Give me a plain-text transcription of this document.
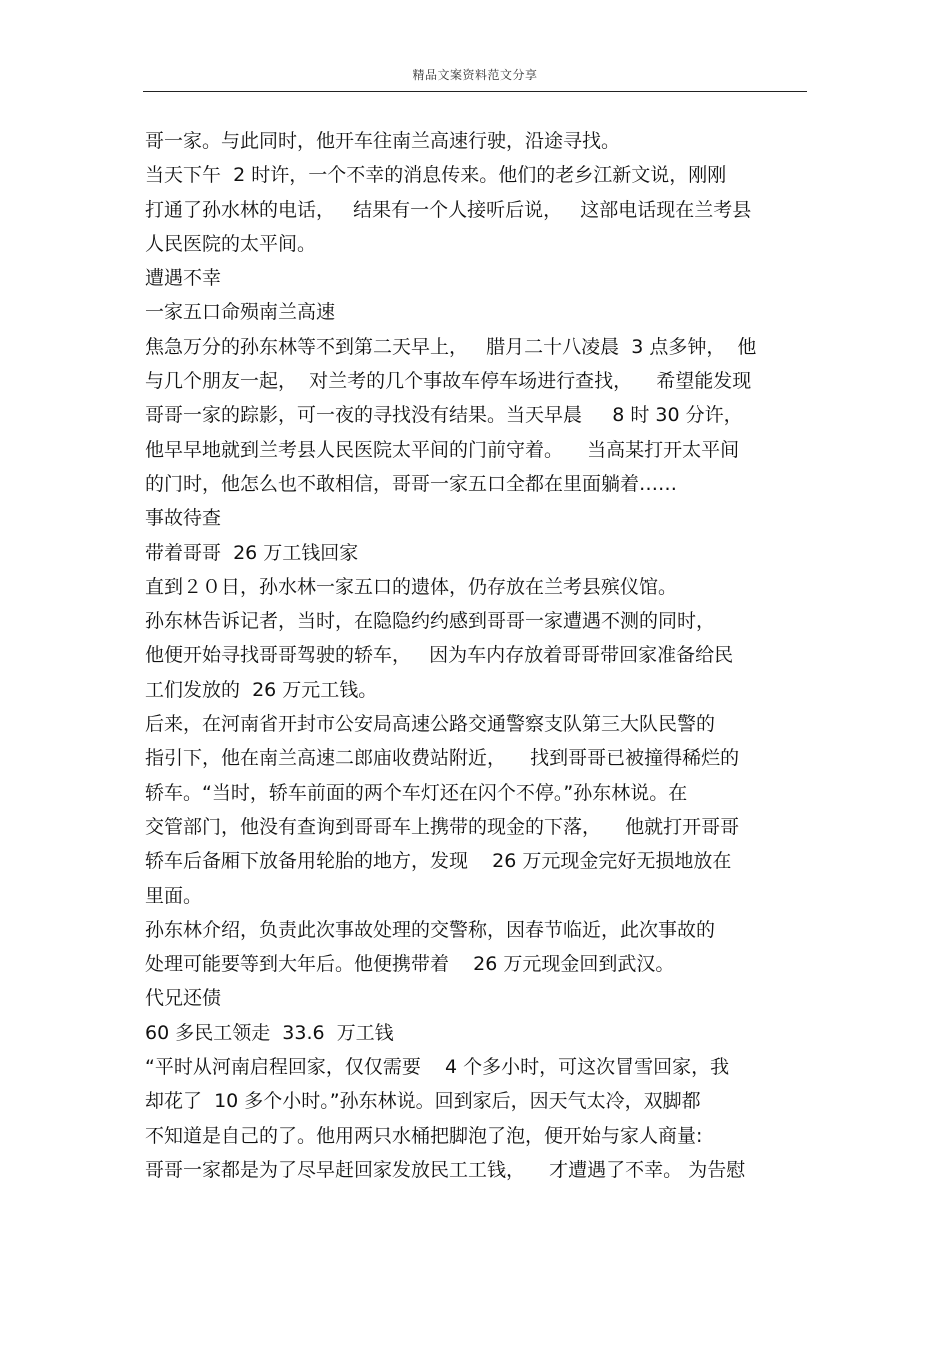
精品文案资料范文分享
哥一家。与此同时，他开车往南兰高速行驶，沿途寻找。
当天下午  2 时许，一个不幸的消息传来。他们的老乡江新文说，刚刚
打通了孙水林的电话，   结果有一个人接听后说，   这部电话现在兰考县
人民医院的太平间。
遭遇不幸
一家五口命殒南兰高速
焦急万分的孙东林等不到第二天早上，   腊月二十八凌晨  3 点多钟，  他
与几个朋友一起，  对兰考的几个事故车停车场进行查找，    希望能发现
哥哥一家的踪影，可一夜的寻找没有结果。当天早晨     8 时 30 分许，
他早早地就到兰考县人民医院太平间的门前守着。    当高某打开太平间
的门时，他怎么也不敢相信，哥哥一家五口全都在里面躺着……
事故待查
带着哥哥  26 万工钱回家
直到２０日，孙水林一家五口的遗体，仍存放在兰考县殡仪馆。
孙东林告诉记者，当时，在隐隐约约感到哥哥一家遭遇不测的同时，
他便开始寻找哥哥驾驶的轿车，   因为车内存放着哥哥带回家准备给民
工们发放的  26 万元工钱。
后来，在河南省开封市公安局高速公路交通警察支队第三大队民警的
指引下，他在南兰高速二郎庙收费站附近，    找到哥哥已被撞得稀烂的
轿车。“当时，轿车前面的两个车灯还在闪个不停。”孙东林说。在
交管部门，他没有查询到哥哥车上携带的现金的下落，    他就打开哥哥
轿车后备厢下放备用轮胎的地方，发现    26 万元现金完好无损地放在
里面。
孙东林介绍，负责此次事故处理的交警称，因春节临近，此次事故的
处理可能要等到大年后。他便携带着    26 万元现金回到武汉。
代兄还债
60 多民工领走  33.6  万工钱
“平时从河南启程回家，仅仅需要    4 个多小时，可这次冒雪回家，我
却花了  10 多个小时。”孙东林说。回到家后，因天气太冷，双脚都
不知道是自己的了。他用两只水桶把脚泡了泡，便开始与家人商量:
哥哥一家都是为了尽早赶回家发放民工工钱，    才遭遇了不幸。 为告慰
